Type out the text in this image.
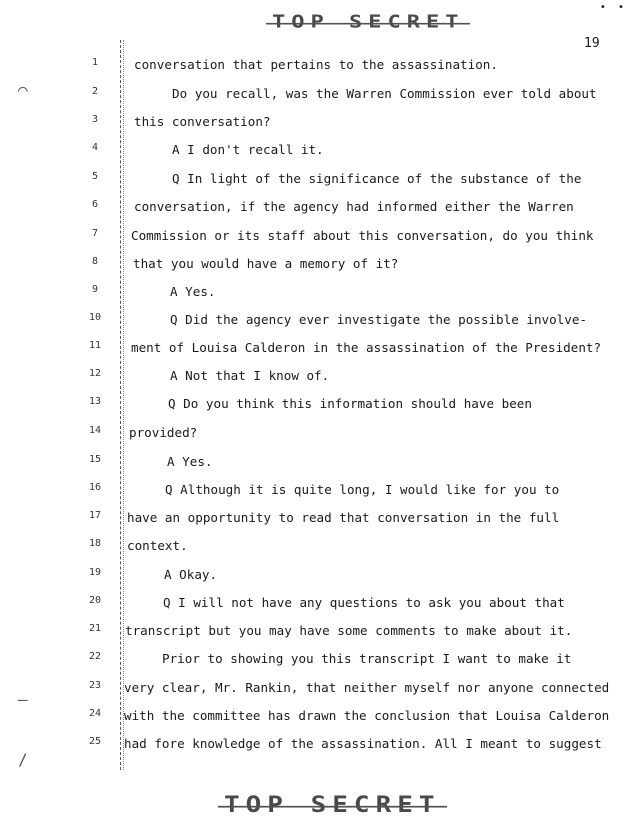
•  •
TOP SECRET
19
⌒
—
/
1	conversation that pertains to the assassination.
2	Do you recall, was the Warren Commission ever told about
3	this conversation?
4	A I don't recall it.
5	Q In light of the significance of the substance of the
6	conversation, if the agency had informed either the Warren
7	Commission or its staff about this conversation, do you think
8	that you would have a memory of it?
9	A Yes.
10	Q Did the agency ever investigate the possible involve-
11	ment of Louisa Calderon in the assassination of the President?
12	A Not that I know of.
13	Q Do you think this information should have been
14	provided?
15	A Yes.
16	Q Although it is quite long, I would like for you to
17	have an opportunity to read that conversation in the full
18	context.
19	A Okay.
20	Q I will not have any questions to ask you about that
21	transcript but you may have some comments to make about it.
22	Prior to showing you this transcript I want to make it
23	very clear, Mr. Rankin, that neither myself nor anyone connected
24	with the committee has drawn the conclusion that Louisa Calderon
25	had fore knowledge of the assassination. All I meant to suggest
TOP SECRET
